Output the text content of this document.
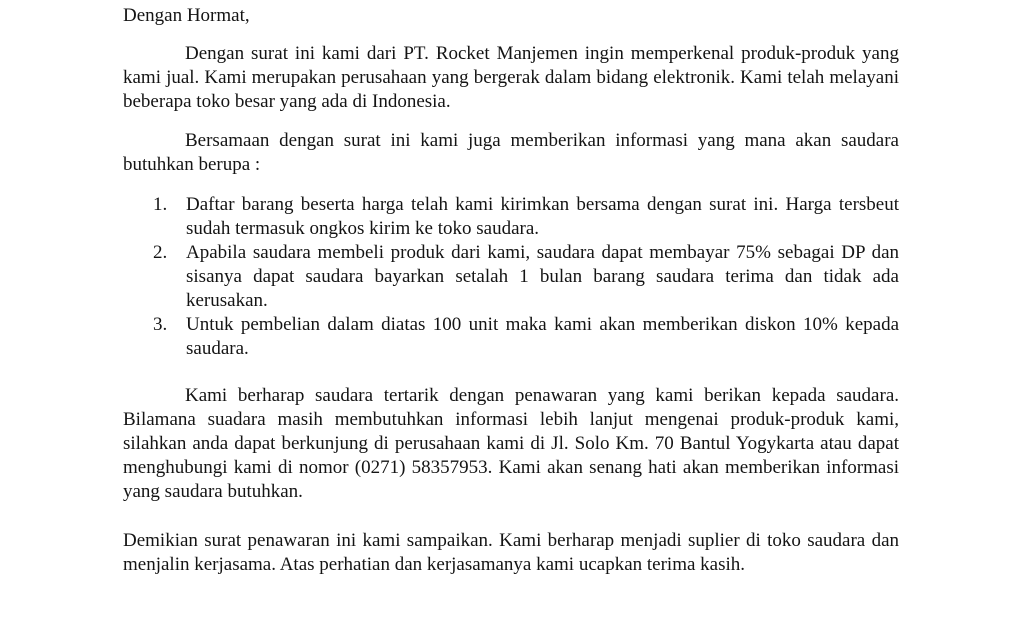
Dengan Hormat,

Dengan surat ini kami dari PT. Rocket Manjemen ingin memperkenal produk-produk yang kami jual. Kami merupakan perusahaan yang bergerak dalam bidang elektronik. Kami telah melayani beberapa toko besar yang ada di Indonesia.

Bersamaan dengan surat ini kami juga memberikan informasi yang mana akan saudara butuhkan berupa :

1. Daftar barang beserta harga telah kami kirimkan bersama dengan surat ini. Harga tersbeut sudah termasuk ongkos kirim ke toko saudara.
2. Apabila saudara membeli produk dari kami, saudara dapat membayar 75% sebagai DP dan sisanya dapat saudara bayarkan setalah 1 bulan barang saudara terima dan tidak ada kerusakan.
3. Untuk pembelian dalam diatas 100 unit maka kami akan memberikan diskon 10% kepada saudara.

Kami berharap saudara tertarik dengan penawaran yang kami berikan kepada saudara. Bilamana suadara masih membutuhkan informasi lebih lanjut mengenai produk-produk kami, silahkan anda dapat berkunjung di perusahaan kami di Jl. Solo Km. 70 Bantul Yogykarta atau dapat menghubungi kami di nomor (0271) 58357953. Kami akan senang hati akan memberikan informasi yang saudara butuhkan.

Demikian surat penawaran ini kami sampaikan. Kami berharap menjadi suplier di toko saudara dan menjalin kerjasama. Atas perhatian dan kerjasamanya kami ucapkan terima kasih.
